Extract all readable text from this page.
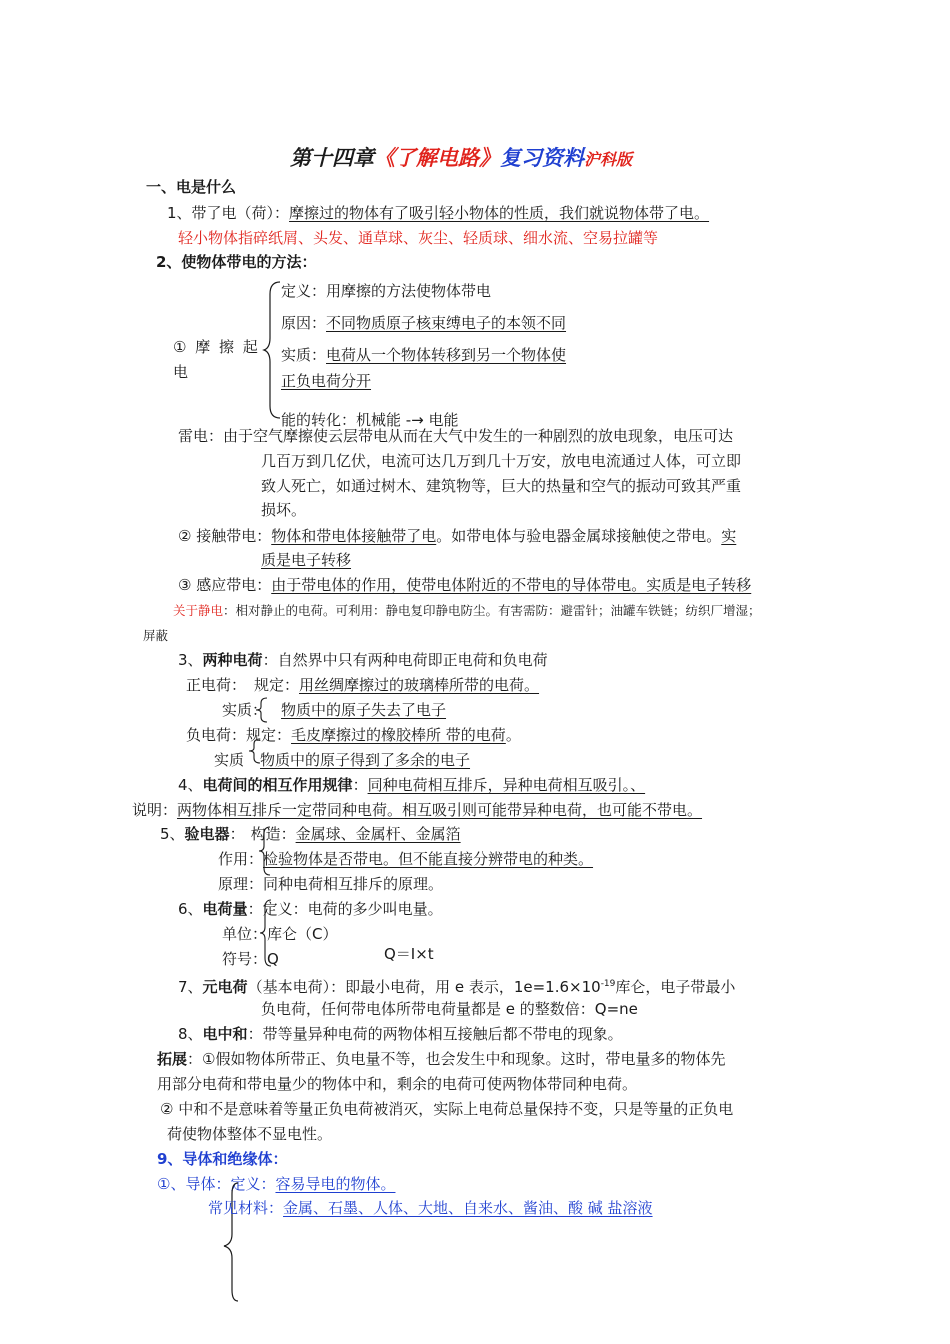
第十四章《了解电路》复习资料沪科版
一、电是什么
1、带了电（荷）：摩擦过的物体有了吸引轻小物体的性质，我们就说物体带了电。
轻小物体指碎纸屑、头发、通草球、灰尘、轻质球、细水流、空易拉罐等
2、使物体带电的方法：
① 摩 擦 起
电
定义：用摩擦的方法使物体带电
原因：不同物质原子核束缚电子的本领不同
实质：电荷从一个物体转移到另一个物体使
正负电荷分开
能的转化：机械能 -→ 电能
雷电：由于空气摩擦使云层带电从而在大气中发生的一种剧烈的放电现象，电压可达
几百万到几亿伏，电流可达几万到几十万安，放电电流通过人体，可立即
致人死亡，如通过树木、建筑物等，巨大的热量和空气的振动可致其严重
损坏。
② 接触带电：物体和带电体接触带了电。如带电体与验电器金属球接触使之带电。实
质是电子转移
③ 感应带电：由于带电体的作用，使带电体附近的不带电的导体带电。实质是电子转移
关于静电：相对静止的电荷。可利用：静电复印静电防尘。有害需防：避雷针；油罐车铁链；纺织厂增湿；
屏蔽
3、两种电荷：自然界中只有两种电荷即正电荷和负电荷
正电荷： 规定：用丝绸摩擦过的玻璃棒所带的电荷。
实质： 物质中的原子失去了电子
负电荷：规定：毛皮摩擦过的橡胶棒所 带的电荷。
实质 物质中的原子得到了多余的电子
4、电荷间的相互作用规律：同种电荷相互排斥，异种电荷相互吸引。、
说明：两物体相互排斥一定带同种电荷。相互吸引则可能带异种电荷，也可能不带电。
5、验电器： 构造：金属球、金属杆、金属箔
作用：检验物体是否带电。但不能直接分辨带电的种类。
原理：同种电荷相互排斥的原理。
6、电荷量：定义：电荷的多少叫电量。
单位：库仑（C）
符号：Q	Q＝I×t
7、元电荷（基本电荷）：即最小电荷，用 e 表示，$1e=1.6\times 10^{-19}$库仑，电子带最小
负电荷，任何带电体所带电荷量都是 e 的整数倍：Q=ne
8、电中和：带等量异种电荷的两物体相互接触后都不带电的现象。
拓展：①假如物体所带正、负电量不等，也会发生中和现象。这时，带电量多的物体先
用部分电荷和带电量少的物体中和，剩余的电荷可使两物体带同种电荷。
② 中和不是意味着等量正负电荷被消灭，实际上电荷总量保持不变，只是等量的正负电
荷使物体整体不显电性。
9、导体和绝缘体：
①、导体：定义：容易导电的物体。
常见材料：金属、石墨、人体、大地、自来水、酱油、酸 碱 盐溶液
